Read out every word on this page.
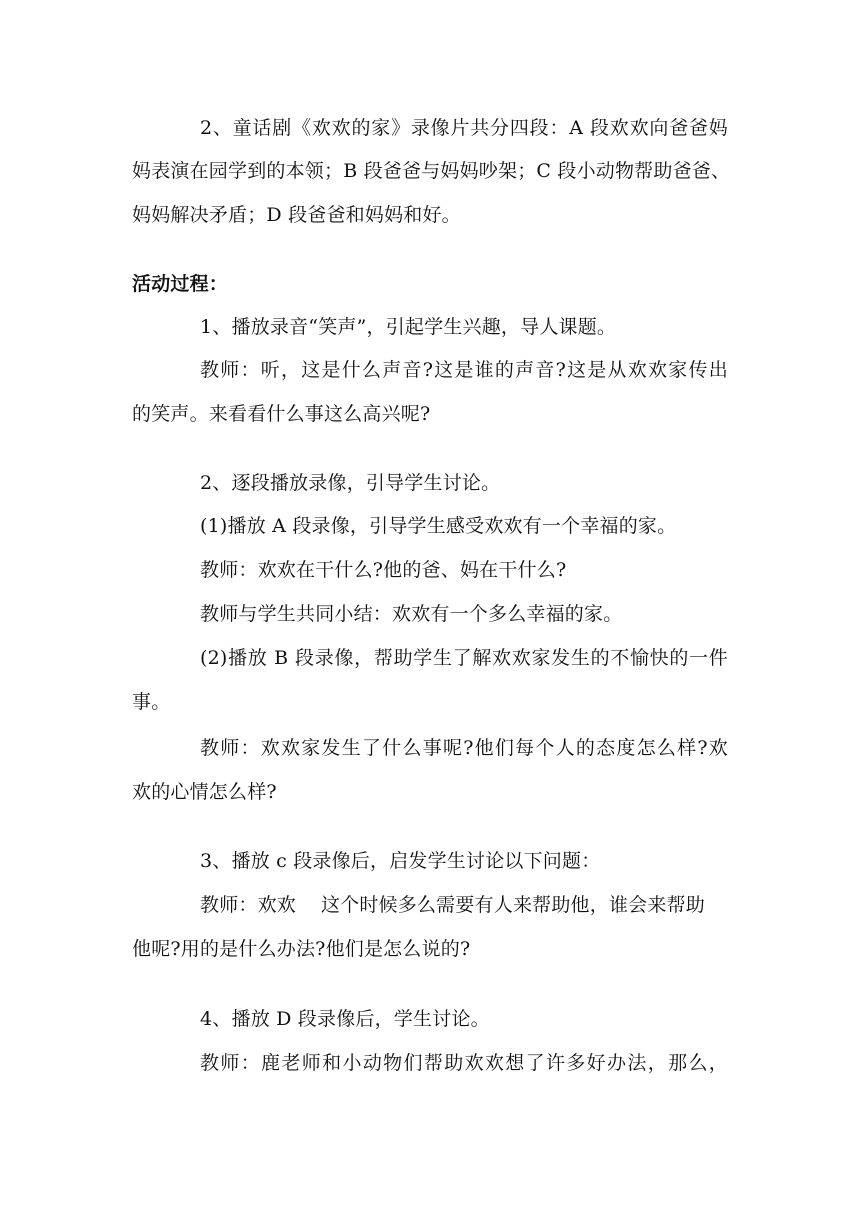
2、童话剧《欢欢的家》录像片共分四段：A 段欢欢向爸爸妈
妈表演在园学到的本领；B 段爸爸与妈妈吵架；C 段小动物帮助爸爸、
妈妈解决矛盾；D 段爸爸和妈妈和好。
活动过程：
1、播放录音“笑声”，引起学生兴趣，导人课题。
教师：听，这是什么声音?这是谁的声音?这是从欢欢家传出
的笑声。来看看什么事这么高兴呢?
2、逐段播放录像，引导学生讨论。
(1)播放 A 段录像，引导学生感受欢欢有一个幸福的家。
教师：欢欢在干什么?他的爸、妈在干什么?
教师与学生共同小结：欢欢有一个多么幸福的家。
(2)播放 B 段录像，帮助学生了解欢欢家发生的不愉快的一件
事。
教师：欢欢家发生了什么事呢?他们每个人的态度怎么样?欢
欢的心情怎么样?
3、播放 c 段录像后，启发学生讨论以下问题：
教师：欢欢    这个时候多么需要有人来帮助他，谁会来帮助
他呢?用的是什么办法?他们是怎么说的?
4、播放 D 段录像后，学生讨论。
教师：鹿老师和小动物们帮助欢欢想了许多好办法，那么，
